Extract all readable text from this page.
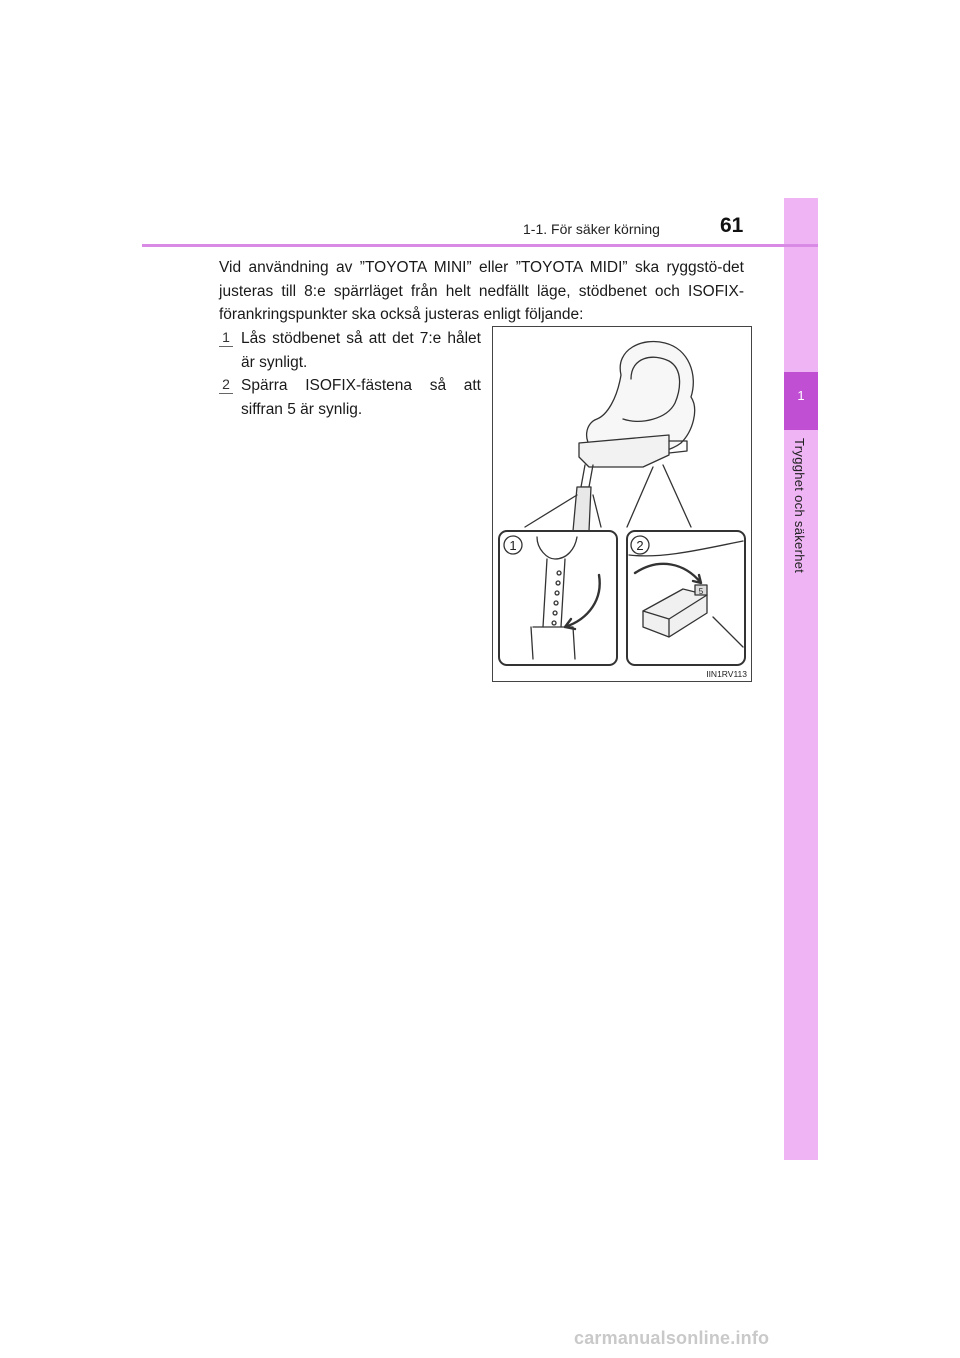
1
Trygghet och säkerhet
1-1. För säker körning	61

Vid användning av ”TOYOTA MINI” eller ”TOYOTA MIDI” ska ryggstö-det justeras till 8:e spärrläget från helt nedfällt läge, stödbenet och ISOFIX-förankringspunkter ska också justeras enligt följande:

1 Lås stödbenet så att det 7:e hålet är synligt.
2 Spärra ISOFIX-fästena så att siffran 5 är synlig.
1	2
5
IIN1RV113
carmanualsonline.info
